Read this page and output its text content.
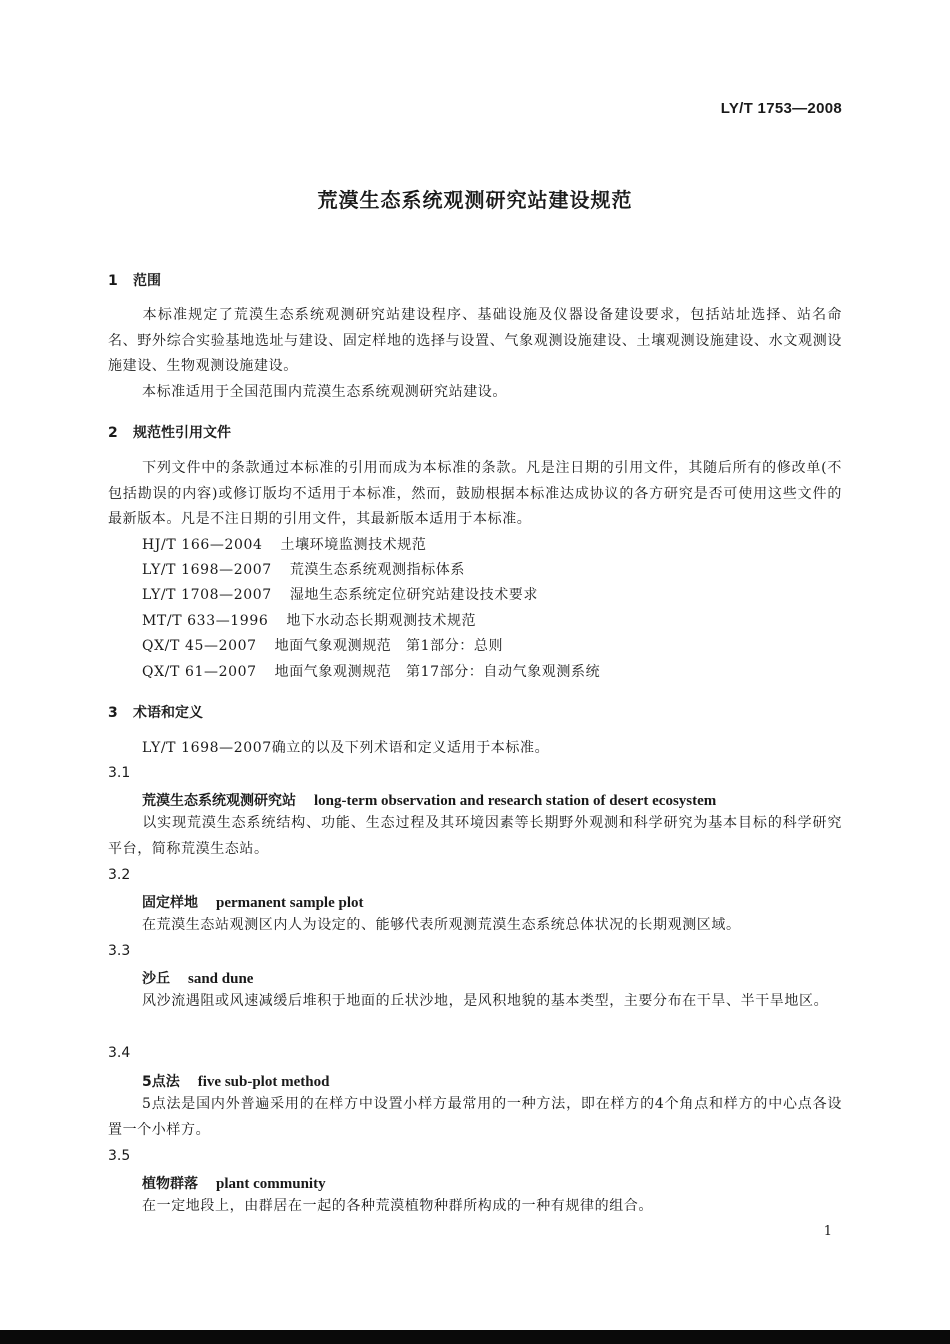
LY/T 1753—2008
荒漠生态系统观测研究站建设规范
1 范围
本标准规定了荒漠生态系统观测研究站建设程序、基础设施及仪器设备建设要求，包括站址选择、站名命名、野外综合实验基地选址与建设、固定样地的选择与设置、气象观测设施建设、土壤观测设施建设、水文观测设施建设、生物观测设施建设。
本标准适用于全国范围内荒漠生态系统观测研究站建设。
2 规范性引用文件
下列文件中的条款通过本标准的引用而成为本标准的条款。凡是注日期的引用文件，其随后所有的修改单(不包括勘误的内容)或修订版均不适用于本标准，然而，鼓励根据本标准达成协议的各方研究是否可使用这些文件的最新版本。凡是不注日期的引用文件，其最新版本适用于本标准。
HJ/T 166—2004 土壤环境监测技术规范
LY/T 1698—2007 荒漠生态系统观测指标体系
LY/T 1708—2007 湿地生态系统定位研究站建设技术要求
MT/T 633—1996 地下水动态长期观测技术规范
QX/T 45—2007 地面气象观测规范　第1部分：总则
QX/T 61—2007 地面气象观测规范　第17部分：自动气象观测系统
3 术语和定义
LY/T 1698—2007确立的以及下列术语和定义适用于本标准。
3.1
荒漠生态系统观测研究站 long-term observation and research station of desert ecosystem
以实现荒漠生态系统结构、功能、生态过程及其环境因素等长期野外观测和科学研究为基本目标的科学研究平台，简称荒漠生态站。
3.2
固定样地 permanent sample plot
在荒漠生态站观测区内人为设定的、能够代表所观测荒漠生态系统总体状况的长期观测区域。
3.3
沙丘 sand dune
风沙流遇阻或风速减缓后堆积于地面的丘状沙地，是风积地貌的基本类型，主要分布在干旱、半干旱地区。
3.4
5点法 five sub-plot method
5点法是国内外普遍采用的在样方中设置小样方最常用的一种方法，即在样方的4个角点和样方的中心点各设置一个小样方。
3.5
植物群落 plant community
在一定地段上，由群居在一起的各种荒漠植物种群所构成的一种有规律的组合。
1
